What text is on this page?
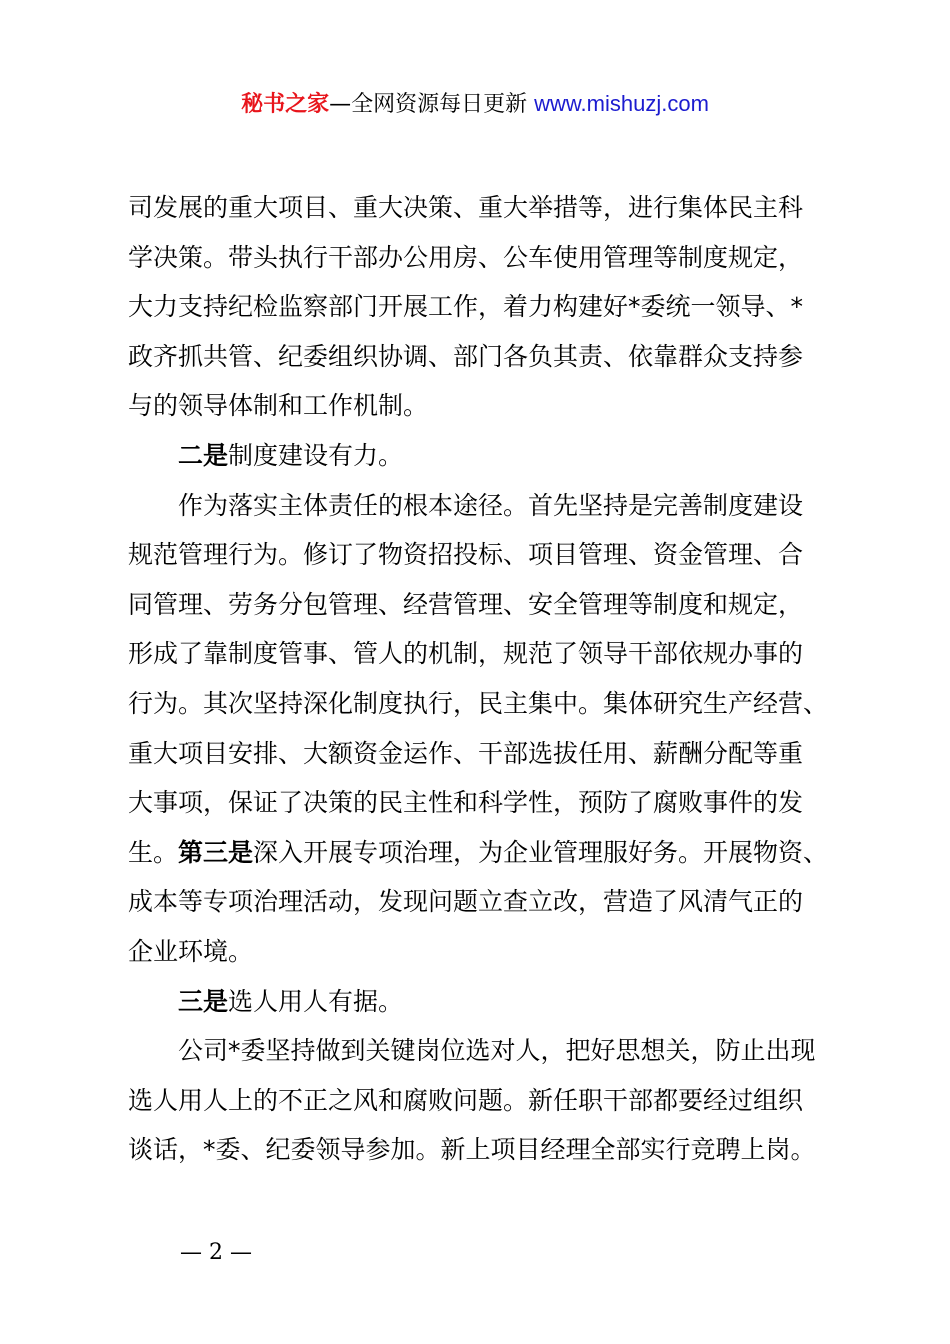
秘书之家—全网资源每日更新 www.mishuzj.com
司发展的重大项目、重大决策、重大举措等，进行集体民主科
学决策。带头执行干部办公用房、公车使用管理等制度规定，
大力支持纪检监察部门开展工作，着力构建好*委统一领导、*
政齐抓共管、纪委组织协调、部门各负其责、依靠群众支持参
与的领导体制和工作机制。
二是制度建设有力。
作为落实主体责任的根本途径。首先坚持是完善制度建设
规范管理行为。修订了物资招投标、项目管理、资金管理、合
同管理、劳务分包管理、经营管理、安全管理等制度和规定，
形成了靠制度管事、管人的机制，规范了领导干部依规办事的
行为。其次坚持深化制度执行，民主集中。集体研究生产经营、
重大项目安排、大额资金运作、干部选拔任用、薪酬分配等重
大事项，保证了决策的民主性和科学性，预防了腐败事件的发
生。第三是深入开展专项治理，为企业管理服好务。开展物资、
成本等专项治理活动，发现问题立查立改，营造了风清气正的
企业环境。
三是选人用人有据。
公司*委坚持做到关键岗位选对人，把好思想关，防止出现
选人用人上的不正之风和腐败问题。新任职干部都要经过组织
谈话，*委、纪委领导参加。新上项目经理全部实行竞聘上岗。
— 2 —
